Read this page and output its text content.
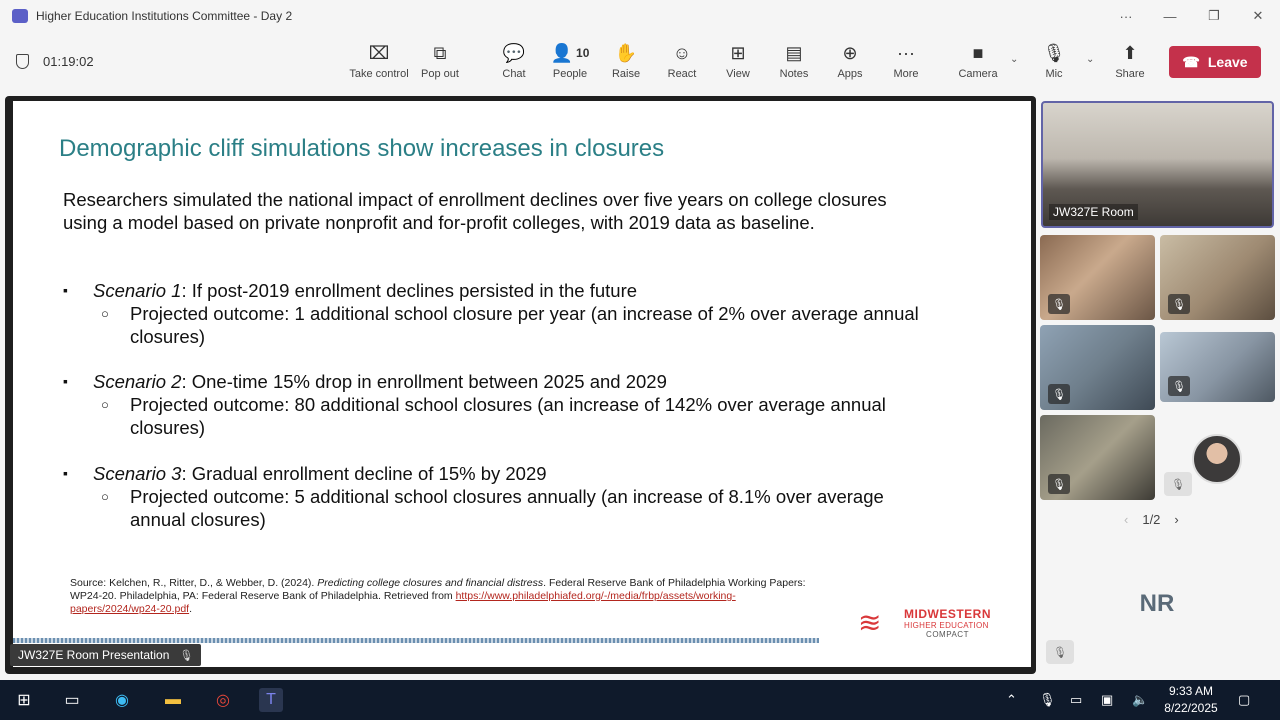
Higher Education Institutions Committee - Day 2	···	—	❐	✕
01:19:02	⌧
Take control
⧉
Pop out
💬
Chat
👤 10
People
✋
Raise
☺
React
⊞
View
▤
Notes
⊕
Apps
···
More
■
Camera
⌄	🎙
Mic
⌄	⬆
Share
☎ Leave
Demographic cliff simulations show increases in closures
Researchers simulated the national impact of enrollment declines over five years on college closures using a model based on private nonprofit and for-profit colleges, with 2019 data as baseline.
▪ Scenario 1: If post-2019 enrollment declines persisted in the future
○ Projected outcome: 1 additional school closure per year (an increase of 2% over average annual closures)
▪ Scenario 2: One-time 15% drop in enrollment between 2025 and 2029
○ Projected outcome: 80 additional school closures (an increase of 142% over average annual closures)
▪ Scenario 3: Gradual enrollment decline of 15% by 2029
○ Projected outcome: 5 additional school closures annually (an increase of 8.1% over average annual closures)
Source: Kelchen, R., Ritter, D., & Webber, D. (2024). Predicting college closures and financial distress. Federal Reserve Bank of Philadelphia Working Papers: WP24-20. Philadelphia, PA: Federal Reserve Bank of Philadelphia. Retrieved from https://www.philadelphiafed.org/-/media/frbp/assets/working-papers/2024/wp24-20.pdf.	≋	MIDWESTERN
HIGHER EDUCATION
COMPACT
JW327E Room Presentation 🎙
JW327E Room
🎙	🎙
🎙
🎙
🎙	🎙
‹ 1/2 ›
NR
🎙
⊞	▭	◉	▬	◎	T	⌃ 🎙 ▭ ▣ 🔈
9:33 AM
8/22/2025
▢
